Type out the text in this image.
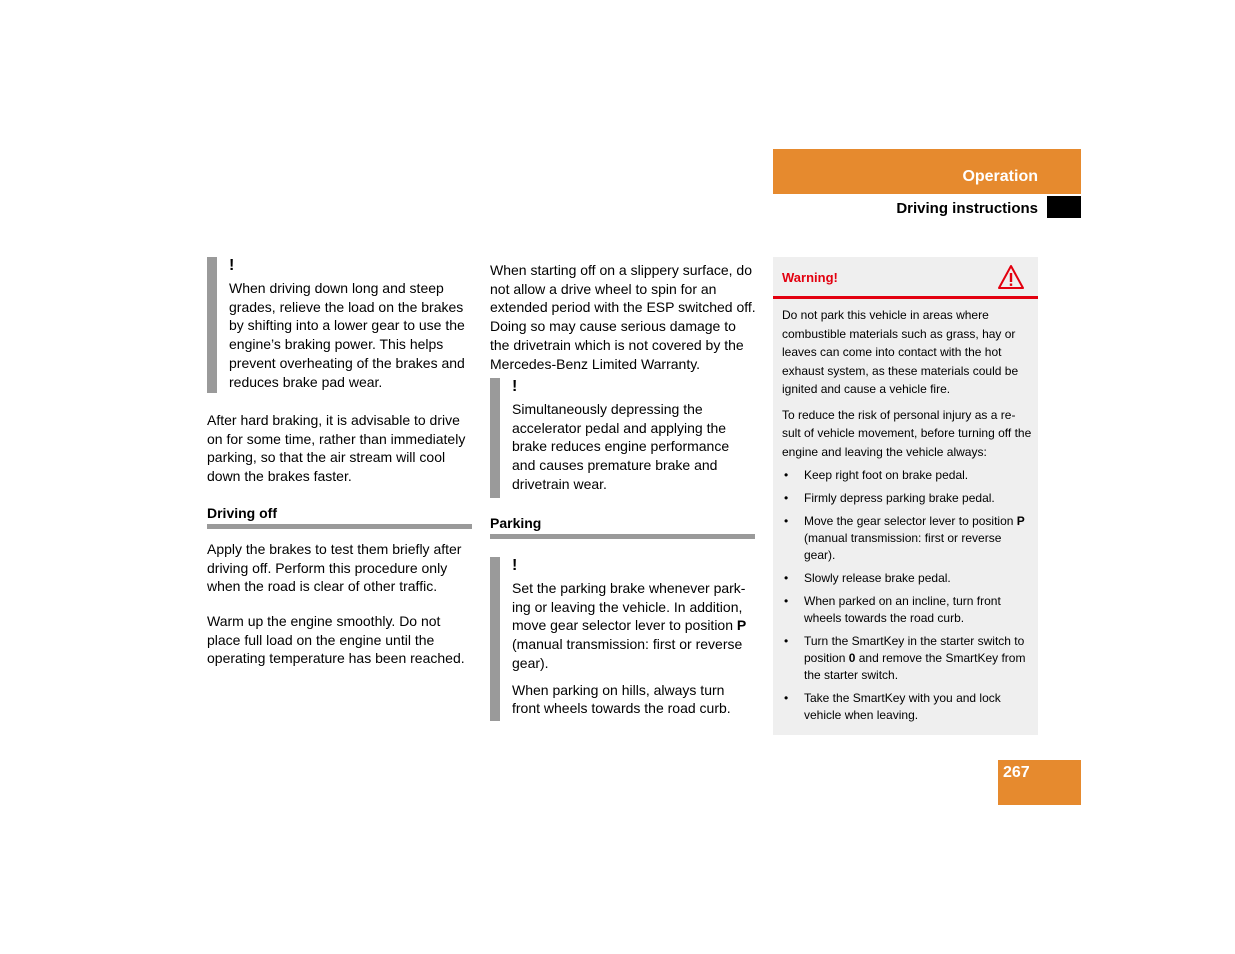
Operation
Driving instructions
!
When driving down long and steep grades, relieve the load on the brakes by shifting into a lower gear to use the engine’s braking power. This helps prevent overheating of the brakes and reduces brake pad wear.
After hard braking, it is advisable to drive on for some time, rather than immediately parking, so that the air stream will cool down the brakes faster.
Driving off
Apply the brakes to test them briefly after driving off. Perform this procedure only when the road is clear of other traffic.
Warm up the engine smoothly. Do not place full load on the engine until the operating temperature has been reached.
When starting off on a slippery surface, do not allow a drive wheel to spin for an extended period with the ESP switched off. Doing so may cause serious damage to the drivetrain which is not covered by the Mercedes-Benz Limited Warranty.
!
Simultaneously depressing the accelerator pedal and applying the brake reduces engine performance and causes premature brake and drivetrain wear.
Parking
!
Set the parking brake whenever park-ing or leaving the vehicle. In addition, move gear selector lever to position P (manual transmission: first or reverse gear).
When parking on hills, always turn front wheels towards the road curb.
Warning!
Do not park this vehicle in areas where combustible materials such as grass, hay or leaves can come into contact with the hot exhaust system, as these materials could be ignited and cause a vehicle fire.
To reduce the risk of personal injury as a re-sult of vehicle movement, before turning off the engine and leaving the vehicle always:
• Keep right foot on brake pedal.
• Firmly depress parking brake pedal.
• Move the gear selector lever to position P (manual transmission: first or reverse gear).
• Slowly release brake pedal.
• When parked on an incline, turn front wheels towards the road curb.
• Turn the SmartKey in the starter switch to position 0 and remove the SmartKey from the starter switch.
• Take the SmartKey with you and lock vehicle when leaving.
267
